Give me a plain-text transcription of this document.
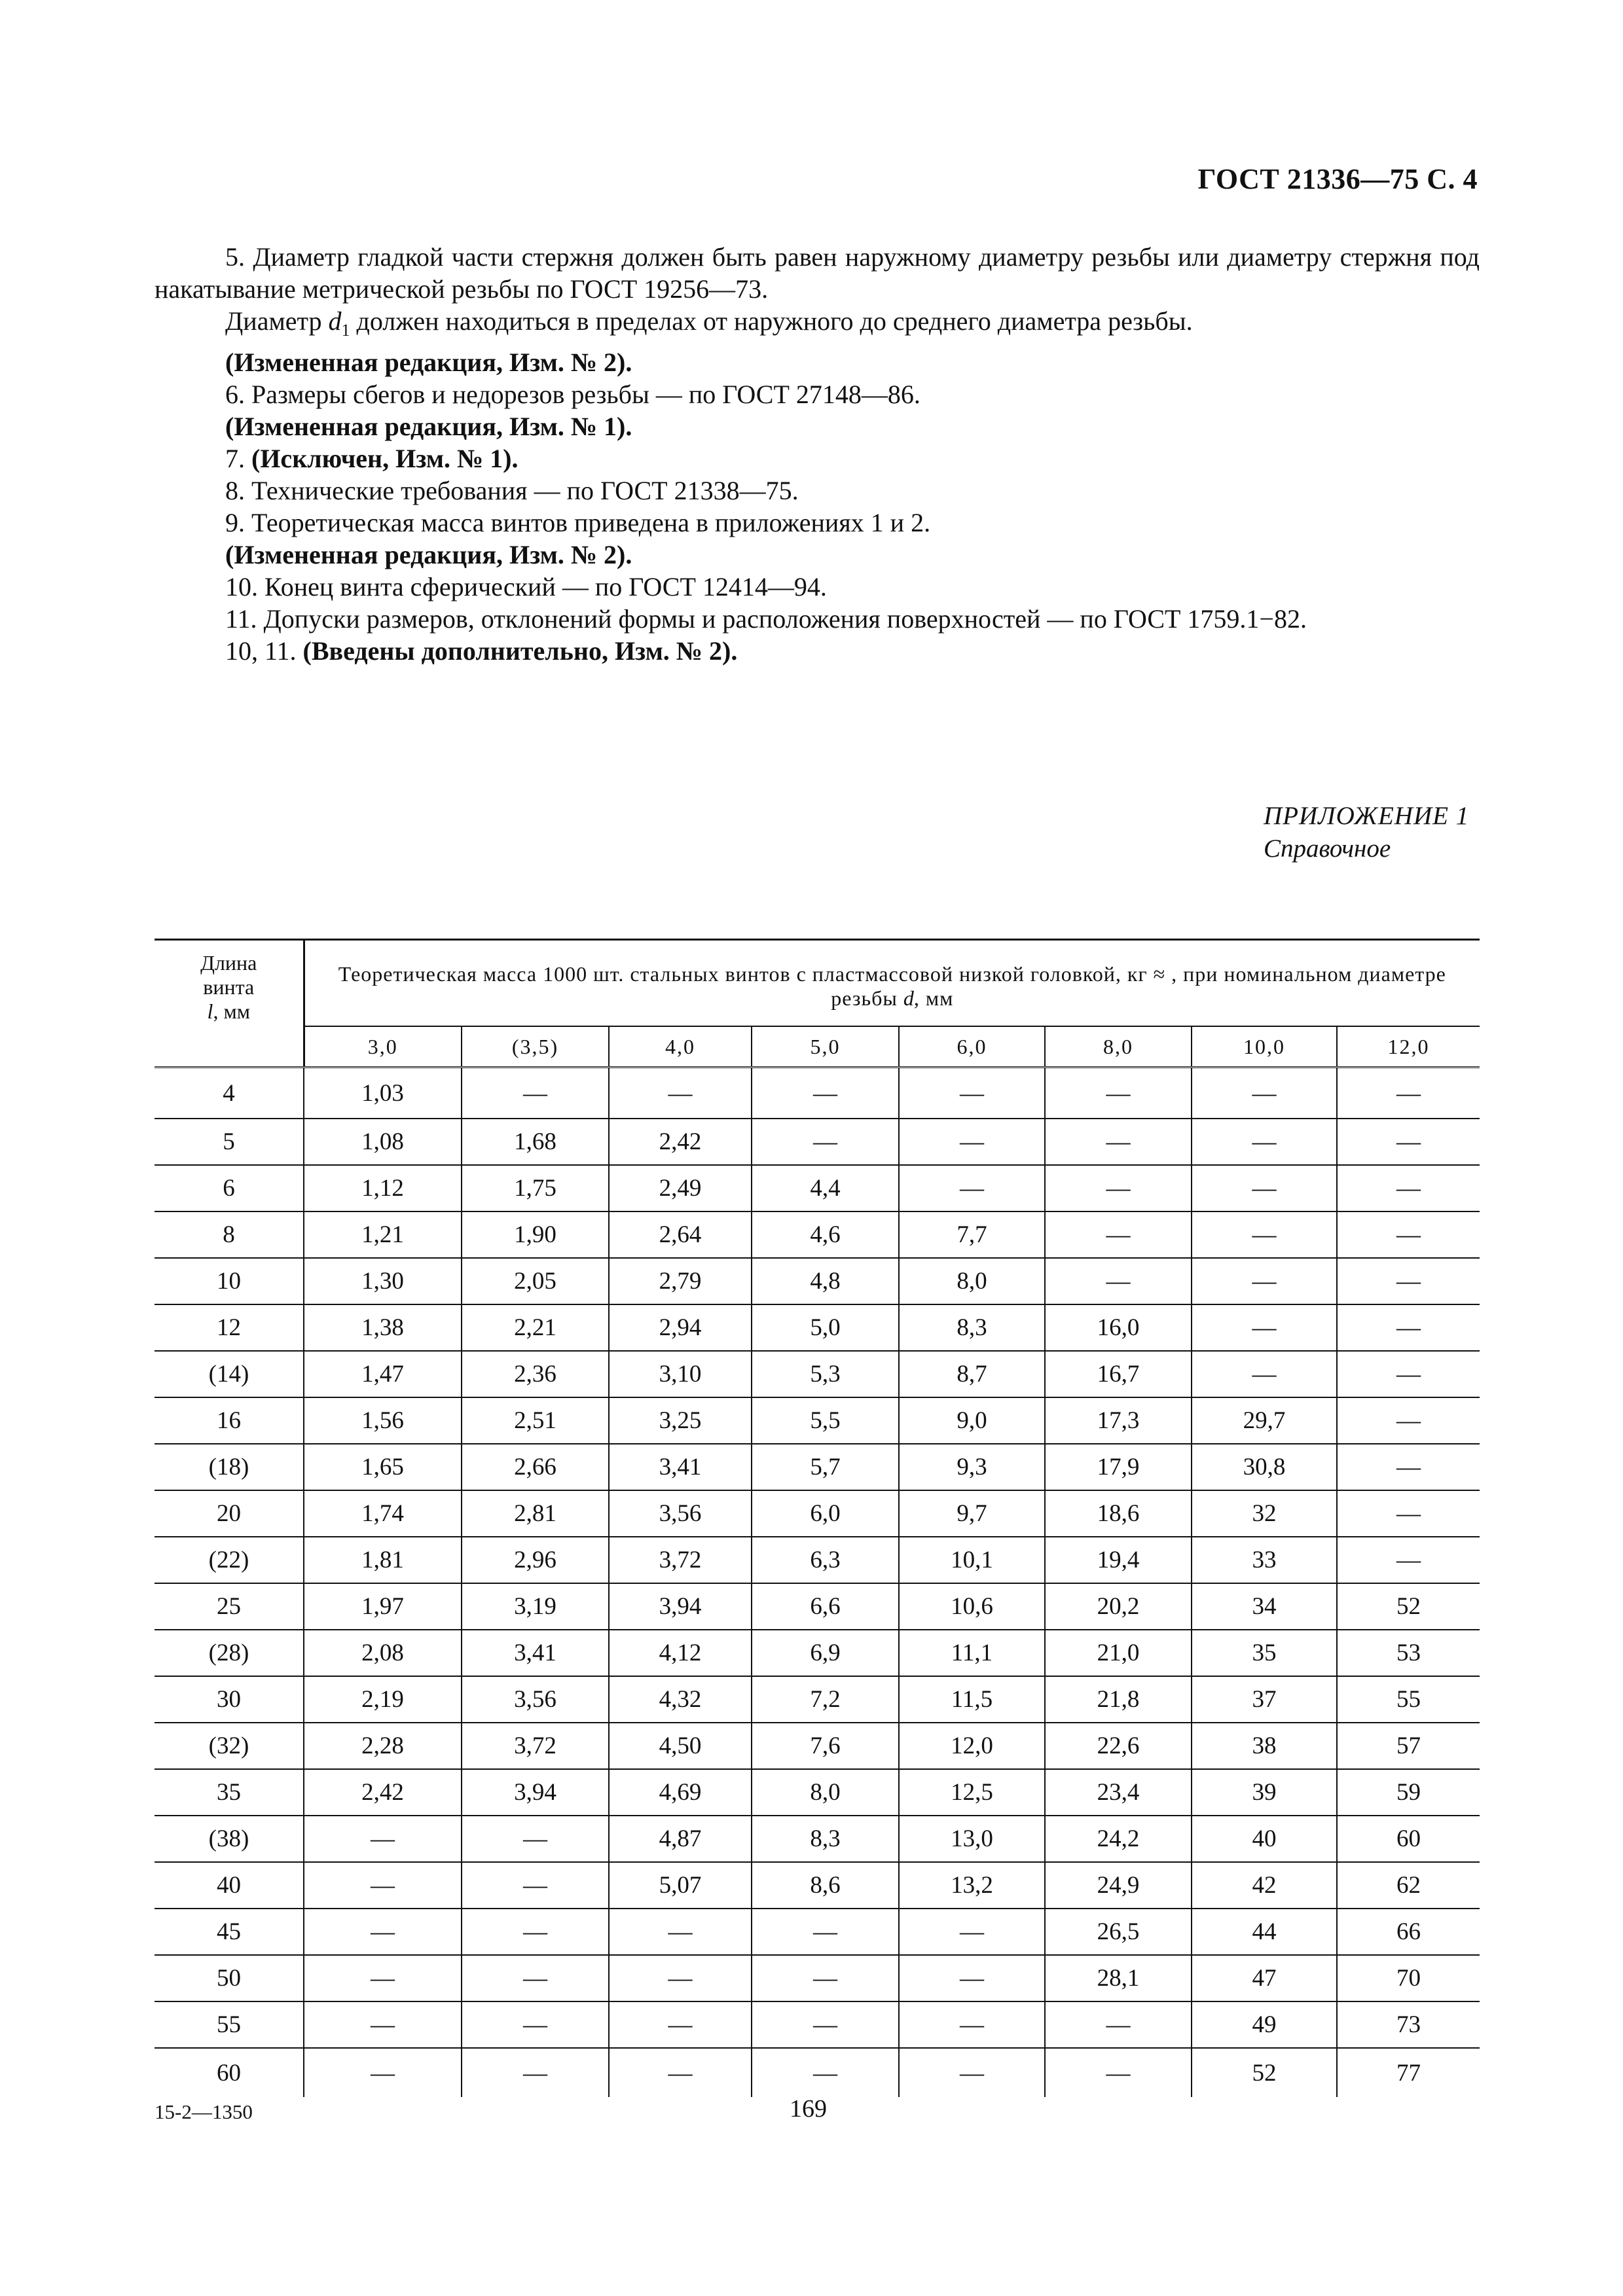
ГОСТ 21336—75 С. 4

5. Диаметр гладкой части стержня должен быть равен наружному диаметру резьбы или диаметру стержня под накатывание метрической резьбы по ГОСТ 19256—73.

Диаметр $d_1$ должен находиться в пределах от наружного до среднего диаметра резьбы.

(Измененная редакция, Изм. № 2).

6. Размеры сбегов и недорезов резьбы — по ГОСТ 27148—86.

(Измененная редакция, Изм. № 1).

7. (Исключен, Изм. № 1).

8. Технические требования — по ГОСТ 21338—75.

9. Теоретическая масса винтов приведена в приложениях 1 и 2.

(Измененная редакция, Изм. № 2).

10. Конец винта сферический — по ГОСТ 12414—94.

11. Допуски размеров, отклонений формы и расположения поверхностей — по ГОСТ 1759.1−82.

10, 11. (Введены дополнительно, Изм. № 2).

ПРИЛОЖЕНИЕ 1
Справочное
Длина
винта
l, мм	Теоретическая масса 1000 шт. стальных винтов с пластмассовой низкой головкой, кг ≈ , при номинальном диаметре резьбы d, мм							
	3,0	(3,5)	4,0	5,0	6,0	8,0	10,0	12,0
4	1,03	—	—	—	—	—	—	—
5	1,08	1,68	2,42	—	—	—	—	—
6	1,12	1,75	2,49	4,4	—	—	—	—
8	1,21	1,90	2,64	4,6	7,7	—	—	—
10	1,30	2,05	2,79	4,8	8,0	—	—	—
12	1,38	2,21	2,94	5,0	8,3	16,0	—	—
(14)	1,47	2,36	3,10	5,3	8,7	16,7	—	—
16	1,56	2,51	3,25	5,5	9,0	17,3	29,7	—
(18)	1,65	2,66	3,41	5,7	9,3	17,9	30,8	—
20	1,74	2,81	3,56	6,0	9,7	18,6	32	—
(22)	1,81	2,96	3,72	6,3	10,1	19,4	33	—
25	1,97	3,19	3,94	6,6	10,6	20,2	34	52
(28)	2,08	3,41	4,12	6,9	11,1	21,0	35	53
30	2,19	3,56	4,32	7,2	11,5	21,8	37	55
(32)	2,28	3,72	4,50	7,6	12,0	22,6	38	57
35	2,42	3,94	4,69	8,0	12,5	23,4	39	59
(38)	—	—	4,87	8,3	13,0	24,2	40	60
40	—	—	5,07	8,6	13,2	24,9	42	62
45	—	—	—	—	—	26,5	44	66
50	—	—	—	—	—	28,1	47	70
55	—	—	—	—	—	—	49	73
60	—	—	—	—	—	—	52	77
15-2—1350	169
